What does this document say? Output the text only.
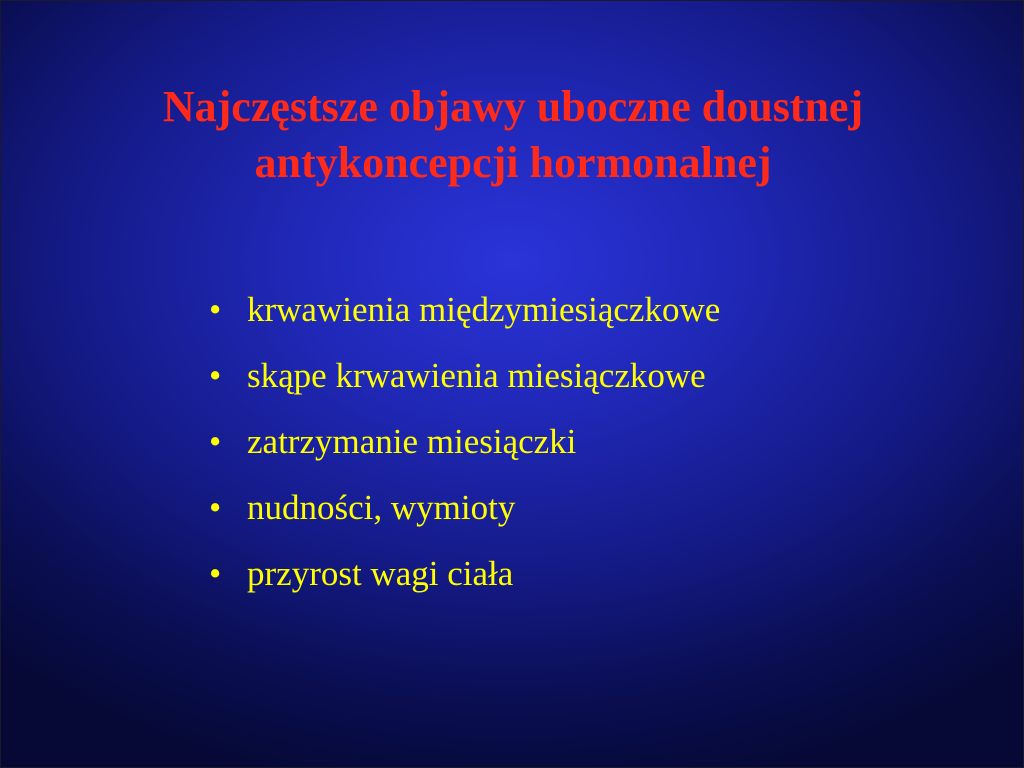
Najczęstsze objawy uboczne doustnej
antykoncepcji hormonalnej
• krwawienia międzymiesiączkowe
• skąpe krwawienia miesiączkowe
• zatrzymanie miesiączki
• nudności, wymioty
• przyrost wagi ciała
